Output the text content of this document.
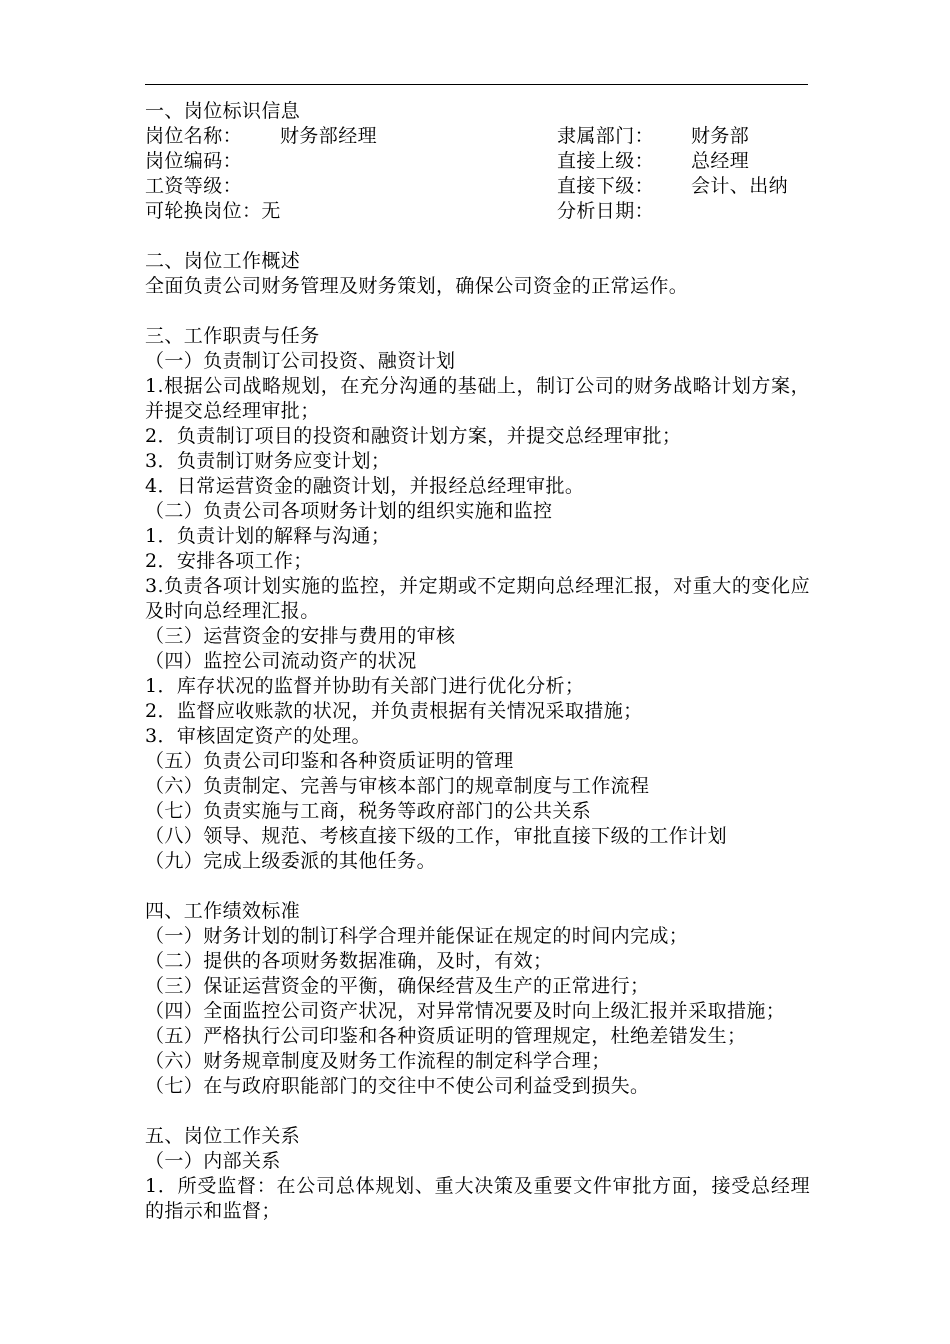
一、岗位标识信息
岗位名称： 财务部经理	隶属部门： 财务部
岗位编码：	直接上级： 总经理
工资等级：	直接下级： 会计、出纳
可轮换岗位：无	分析日期：
二、岗位工作概述
全面负责公司财务管理及财务策划，确保公司资金的正常运作。
三、工作职责与任务
（一）负责制订公司投资、融资计划
1.根据公司战略规划，在充分沟通的基础上，制订公司的财务战略计划方案，并提交总经理审批；
2．负责制订项目的投资和融资计划方案，并提交总经理审批；
3．负责制订财务应变计划；
4．日常运营资金的融资计划，并报经总经理审批。
（二）负责公司各项财务计划的组织实施和监控
1．负责计划的解释与沟通；
2．安排各项工作；
3.负责各项计划实施的监控，并定期或不定期向总经理汇报，对重大的变化应及时向总经理汇报。
（三）运营资金的安排与费用的审核
（四）监控公司流动资产的状况
1．库存状况的监督并协助有关部门进行优化分析；
2．监督应收账款的状况，并负责根据有关情况采取措施；
3．审核固定资产的处理。
（五）负责公司印鉴和各种资质证明的管理
（六）负责制定、完善与审核本部门的规章制度与工作流程
（七）负责实施与工商，税务等政府部门的公共关系
（八）领导、规范、考核直接下级的工作，审批直接下级的工作计划
（九）完成上级委派的其他任务。
四、工作绩效标准
（一）财务计划的制订科学合理并能保证在规定的时间内完成；
（二）提供的各项财务数据准确，及时，有效；
（三）保证运营资金的平衡，确保经营及生产的正常进行；
（四）全面监控公司资产状况，对异常情况要及时向上级汇报并采取措施；
（五）严格执行公司印鉴和各种资质证明的管理规定，杜绝差错发生；
（六）财务规章制度及财务工作流程的制定科学合理；
（七）在与政府职能部门的交往中不使公司利益受到损失。
五、岗位工作关系
（一）内部关系
1．所受监督：在公司总体规划、重大决策及重要文件审批方面，接受总经理的指示和监督；
